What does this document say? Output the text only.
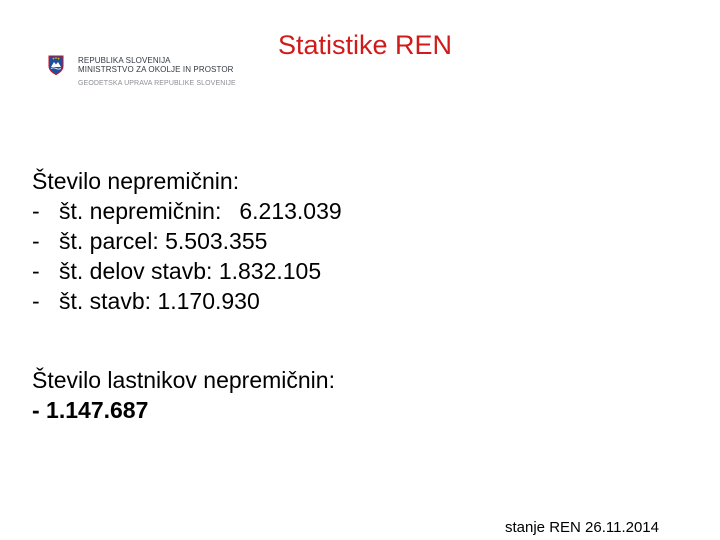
REPUBLIKA SLOVENIJA
MINISTRSTVO ZA OKOLJE IN PROSTOR
GEODETSKA UPRAVA REPUBLIKE SLOVENIJE
Statistike REN
Število nepremičnin:
- št. nepremičnin: 6.213.039
- št. parcel: 5.503.355
- št. delov stavb: 1.832.105
- št. stavb: 1.170.930
Število lastnikov nepremičnin:
- 1.147.687
stanje REN 26.11.2014
